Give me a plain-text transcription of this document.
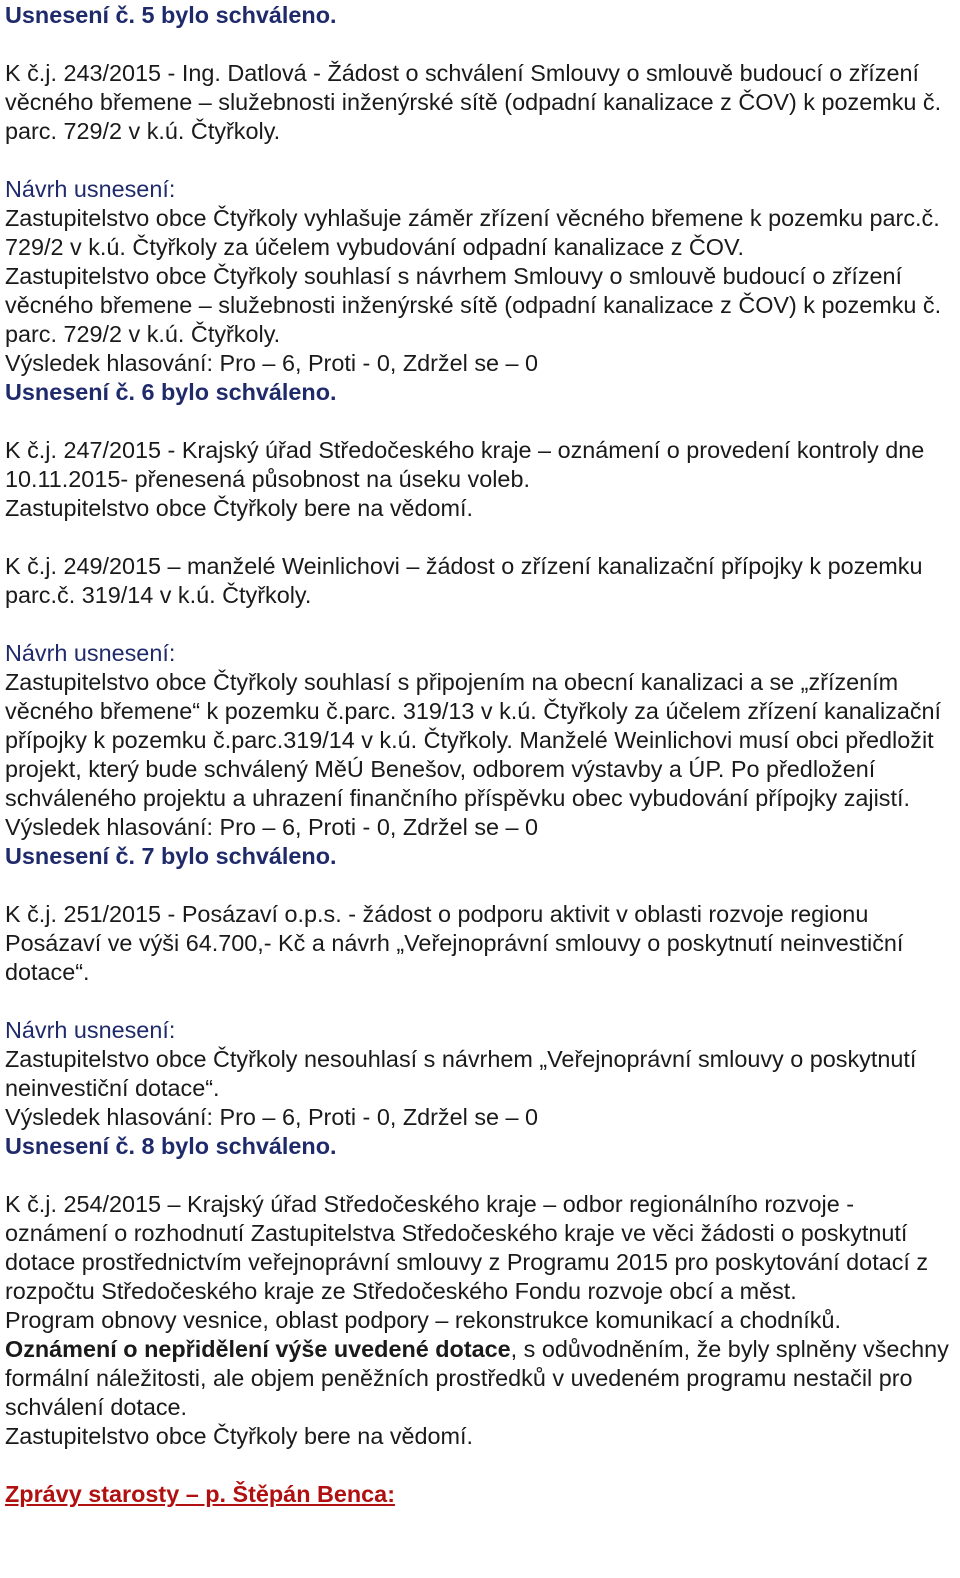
Usnesení č. 5 bylo schváleno.

K č.j. 243/2015 - Ing. Datlová - Žádost o schválení Smlouvy o smlouvě budoucí o zřízení věcného břemene – služebnosti inženýrské sítě (odpadní kanalizace z ČOV) k pozemku č. parc. 729/2 v k.ú. Čtyřkoly.

Návrh usnesení:

Zastupitelstvo obce Čtyřkoly vyhlašuje záměr zřízení věcného břemene k pozemku parc.č. 729/2 v k.ú. Čtyřkoly za účelem vybudování odpadní kanalizace z ČOV.

Zastupitelstvo obce Čtyřkoly souhlasí s návrhem Smlouvy o smlouvě budoucí o zřízení věcného břemene – služebnosti inženýrské sítě (odpadní kanalizace z ČOV) k pozemku č. parc. 729/2 v k.ú. Čtyřkoly.

Výsledek hlasování: Pro – 6, Proti - 0, Zdržel se – 0

Usnesení č. 6 bylo schváleno.

K č.j. 247/2015 - Krajský úřad Středočeského kraje – oznámení o provedení kontroly dne 10.11.2015- přenesená působnost na úseku voleb.

Zastupitelstvo obce Čtyřkoly bere na vědomí.

K č.j. 249/2015 – manželé Weinlichovi – žádost o zřízení kanalizační přípojky k pozemku parc.č. 319/14 v k.ú. Čtyřkoly.

Návrh usnesení:

Zastupitelstvo obce Čtyřkoly souhlasí s připojením na obecní kanalizaci a se „zřízením věcného břemene“ k pozemku č.parc. 319/13 v k.ú. Čtyřkoly za účelem zřízení kanalizační přípojky k pozemku č.parc.319/14 v k.ú. Čtyřkoly. Manželé Weinlichovi musí obci předložit projekt, který bude schválený MěÚ Benešov, odborem výstavby a ÚP. Po předložení schváleného projektu a uhrazení finančního příspěvku obec vybudování přípojky zajistí.

Výsledek hlasování: Pro – 6, Proti - 0, Zdržel se – 0

Usnesení č. 7 bylo schváleno.

K č.j. 251/2015 - Posázaví o.p.s. - žádost o podporu aktivit v oblasti rozvoje regionu Posázaví ve výši 64.700,- Kč a návrh „Veřejnoprávní smlouvy o poskytnutí neinvestiční dotace“.

Návrh usnesení:

Zastupitelstvo obce Čtyřkoly nesouhlasí s návrhem „Veřejnoprávní smlouvy o poskytnutí neinvestiční dotace“.

Výsledek hlasování: Pro – 6, Proti - 0, Zdržel se – 0

Usnesení č. 8 bylo schváleno.

K č.j. 254/2015 – Krajský úřad Středočeského kraje – odbor regionálního rozvoje - oznámení o rozhodnutí Zastupitelstva Středočeského kraje ve věci žádosti o poskytnutí dotace prostřednictvím veřejnoprávní smlouvy z Programu 2015 pro poskytování dotací z rozpočtu Středočeského kraje ze Středočeského Fondu rozvoje obcí a měst.

Program obnovy vesnice, oblast podpory – rekonstrukce komunikací a chodníků.

Oznámení o nepřidělení výše uvedené dotace, s odůvodněním, že byly splněny všechny formální náležitosti, ale objem peněžních prostředků v uvedeném programu nestačil pro schválení dotace.

Zastupitelstvo obce Čtyřkoly bere na vědomí.

Zprávy starosty – p. Štěpán Benca:
